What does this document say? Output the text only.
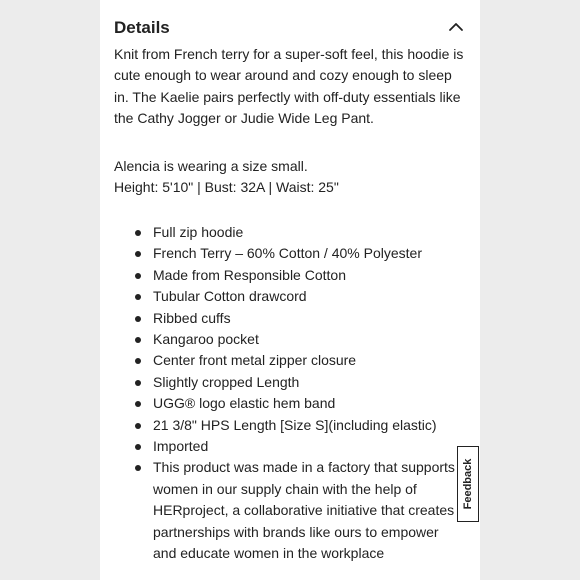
Details
Knit from French terry for a super-soft feel, this hoodie is cute enough to wear around and cozy enough to sleep in. The Kaelie pairs perfectly with off-duty essentials like the Cathy Jogger or Judie Wide Leg Pant.
Alencia is wearing a size small.
Height: 5'10" | Bust: 32A | Waist: 25"
Full zip hoodie
French Terry – 60% Cotton / 40% Polyester
Made from Responsible Cotton
Tubular Cotton drawcord
Ribbed cuffs
Kangaroo pocket
Center front metal zipper closure
Slightly cropped Length
UGG® logo elastic hem band
21 3/8" HPS Length [Size S](including elastic)
Imported
This product was made in a factory that supports women in our supply chain with the help of HERproject, a collaborative initiative that creates partnerships with brands like ours to empower and educate women in the workplace
Feedback
